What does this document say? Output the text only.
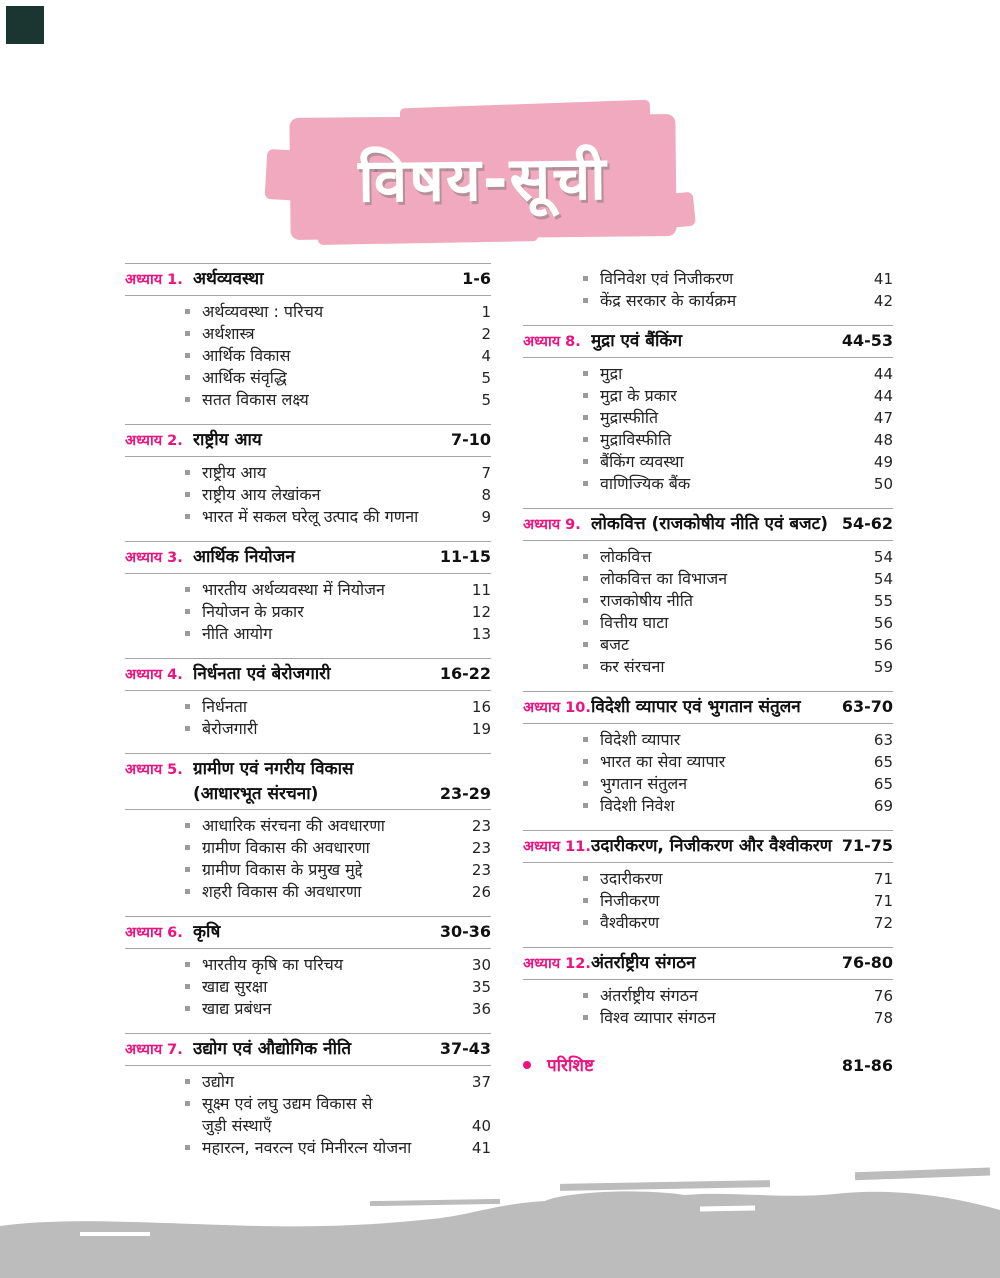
विषय-सूची
अध्याय 1. अर्थव्यवस्था	1-6
अर्थव्यवस्था : परिचय	1
अर्थशास्त्र	2
आर्थिक विकास	4
आर्थिक संवृद्धि	5
सतत विकास लक्ष्य	5
अध्याय 2. राष्ट्रीय आय	7-10
राष्ट्रीय आय	7
राष्ट्रीय आय लेखांकन	8
भारत में सकल घरेलू उत्पाद की गणना	9
अध्याय 3. आर्थिक नियोजन	11-15
भारतीय अर्थव्यवस्था में नियोजन	11
नियोजन के प्रकार	12
नीति आयोग	13
अध्याय 4. निर्धनता एवं बेरोजगारी	16-22
निर्धनता	16
बेरोजगारी	19
अध्याय 5. ग्रामीण एवं नगरीय विकास
(आधारभूत संरचना)	23-29
आधारिक संरचना की अवधारणा	23
ग्रामीण विकास की अवधारणा	23
ग्रामीण विकास के प्रमुख मुद्दे	23
शहरी विकास की अवधारणा	26
अध्याय 6. कृषि	30-36
भारतीय कृषि का परिचय	30
खाद्य सुरक्षा	35
खाद्य प्रबंधन	36
अध्याय 7. उद्योग एवं औद्योगिक नीति	37-43
उद्योग	37
सूक्ष्म एवं लघु उद्यम विकास से
जुड़ी संस्थाएँ	40
महारत्न, नवरत्न एवं मिनीरत्न योजना	41
विनिवेश एवं निजीकरण	41
केंद्र सरकार के कार्यक्रम	42
अध्याय 8. मुद्रा एवं बैंकिंग	44-53
मुद्रा	44
मुद्रा के प्रकार	44
मुद्रास्फीति	47
मुद्राविस्फीति	48
बैंकिंग व्यवस्था	49
वाणिज्यिक बैंक	50
अध्याय 9. लोकवित्त (राजकोषीय नीति एवं बजट) 54-62
लोकवित्त	54
लोकवित्त का विभाजन	54
राजकोषीय नीति	55
वित्तीय घाटा	56
बजट	56
कर संरचना	59
अध्याय 10. विदेशी व्यापार एवं भुगतान संतुलन	63-70
विदेशी व्यापार	63
भारत का सेवा व्यापार	65
भुगतान संतुलन	65
विदेशी निवेश	69
अध्याय 11. उदारीकरण, निजीकरण और वैश्वीकरण 71-75
उदारीकरण	71
निजीकरण	71
वैश्वीकरण	72
अध्याय 12. अंतर्राष्ट्रीय संगठन	76-80
अंतर्राष्ट्रीय संगठन	76
विश्व व्यापार संगठन	78
परिशिष्ट	81-86
